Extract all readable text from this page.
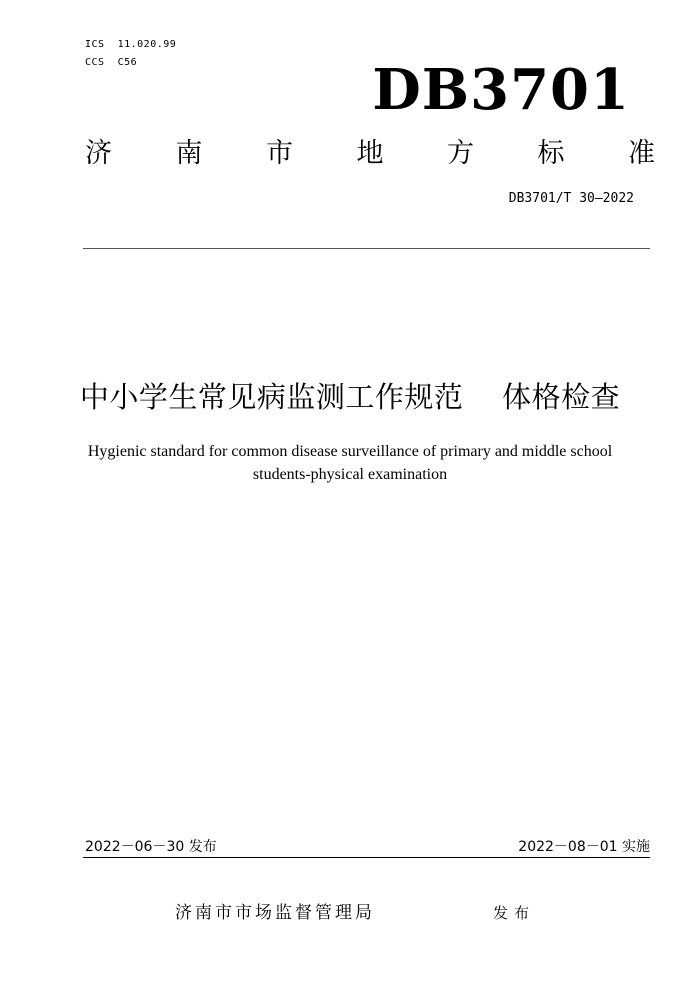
ICS  11.020.99
CCS  C56	DB3701
济 南 市 地 方 标 准
DB3701/T 30—2022
中小学生常见病监测工作规范    体格检查
Hygienic standard for common disease surveillance of primary and middle school
students-physical examination
2022－06－30 发布	2022－08－01 实施
济南市市场监督管理局	发布
